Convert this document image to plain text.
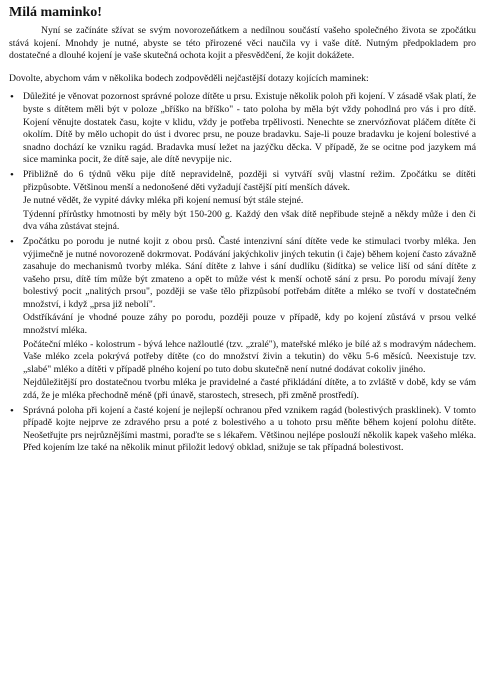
Milá maminko!

Nyní se začínáte sžívat se svým novorozeňátkem a nedílnou součástí vašeho společného života se zpočátku stává kojení. Mnohdy je nutné, abyste se této přirozené věci naučila vy i vaše dítě. Nutným předpokladem pro dostatečné a dlouhé kojení je vaše skutečná ochota kojit a přesvědčení, že kojit dokážete.

Dovolte, abychom vám v několika bodech zodpověděli nejčastější dotazy kojících maminek:

• Důležité je věnovat pozornost správné poloze dítěte u prsu. Existuje několik poloh při kojení. V zásadě však platí, že byste s dítětem měli být v poloze „bříško na bříško" - tato poloha by měla být vždy pohodlná pro vás i pro dítě. Kojení věnujte dostatek času, kojte v klidu, vždy je potřeba trpělivosti. Nenechte se znervózňovat pláčem dítěte či okolím. Dítě by mělo uchopit do úst i dvorec prsu, ne pouze bradavku. Saje-li pouze bradavku je kojení bolestivé a snadno dochází ke vzniku ragád. Bradavka musí ležet na jazýčku děcka. V případě, že se ocitne pod jazykem má sice maminka pocit, že dítě saje, ale dítě nevypije nic.

• Přibližně do 6 týdnů věku pije dítě nepravidelně, později si vytváří svůj vlastní režim. Zpočátku se dítěti přizpůsobte. Většinou menší a nedonošené děti vyžadují častější pití menších dávek.

Je nutné vědět, že vypité dávky mléka při kojení nemusí být stále stejné.

Týdenní přírůstky hmotnosti by měly být 150-200 g. Každý den však dítě nepřibude stejně a někdy může i den či dva váha zůstávat stejná.

• Zpočátku po porodu je nutné kojit z obou prsů. Časté intenzivní sání dítěte vede ke stimulaci tvorby mléka. Jen výjimečně je nutné novorozeně dokrmovat. Podávání jakýchkoliv jiných tekutin (i čaje) během kojení často závažně zasahuje do mechanismů tvorby mléka. Sání dítěte z lahve i sání dudlíku (šidítka) se velice liší od sání dítěte z vašeho prsu, dítě tím může být zmateno a opět to může vést k menší ochotě sání z prsu. Po porodu mívají ženy bolestivý pocit „nalitých prsou", později se vaše tělo přizpůsobí potřebám dítěte a mléko se tvoří v dostatečném množství, i když „prsa již nebolí".

Odstříkávání je vhodné pouze záhy po porodu, později pouze v případě, kdy po kojení zůstává v prsou velké množství mléka.

Počáteční mléko - kolostrum - bývá lehce nažloutlé (tzv. „zralé"), mateřské mléko je bílé až s modravým nádechem. Vaše mléko zcela pokrývá potřeby dítěte (co do množství živin a tekutin) do věku 5-6 měsíců. Neexistuje tzv. „slabé" mléko a dítěti v případě plného kojení po tuto dobu skutečně není nutné dodávat cokoliv jiného.

Nejdůležitější pro dostatečnou tvorbu mléka je pravidelné a časté přikládání dítěte, a to zvláště v době, kdy se vám zdá, že je mléka přechodně méně (při únavě, starostech, stresech, při změně prostředí).

• Správná poloha při kojení a časté kojení je nejlepší ochranou před vznikem ragád (bolestivých prasklinek). V tomto případě kojte nejprve ze zdravého prsu a poté z bolestivého a u tohoto prsu měňte během kojení polohu dítěte. Neošetřujte prs nejrůznějšími mastmi, poraďte se s lékařem. Většinou nejlépe poslouží několik kapek vašeho mléka. Před kojením lze také na několik minut přiložit ledový obklad, snižuje se tak případná bolestivost.
